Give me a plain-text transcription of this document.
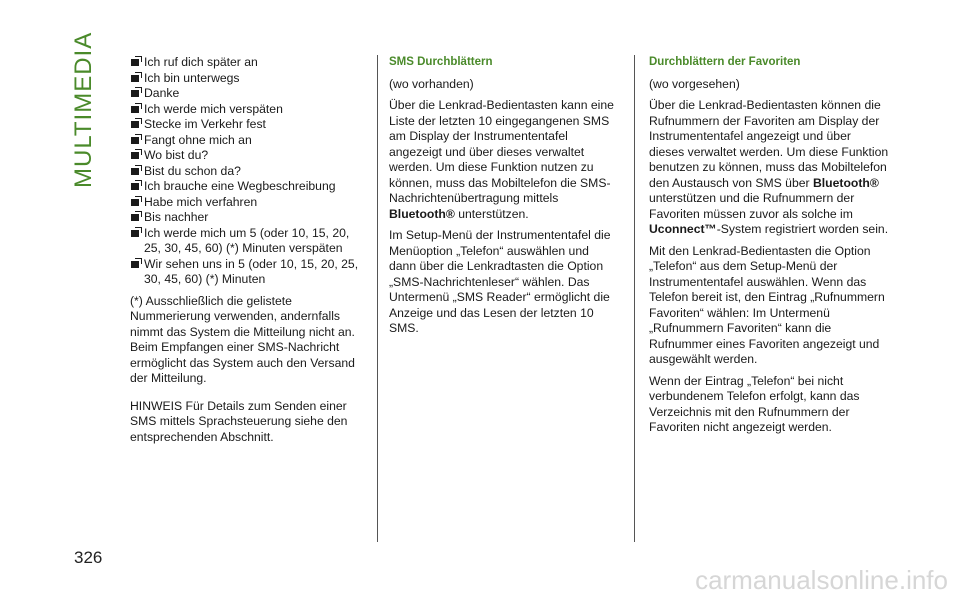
MULTIMEDIA	Ich ruf dich später an
Ich bin unterwegs
Danke
Ich werde mich verspäten
Stecke im Verkehr fest
Fangt ohne mich an
Wo bist du?
Bist du schon da?
Ich brauche eine Wegbeschreibung
Habe mich verfahren
Bis nachher
Ich werde mich um 5 (oder 10, 15, 20, 25, 30, 45, 60) (*) Minuten verspäten
Wir sehen uns in 5 (oder 10, 15, 20, 25, 30, 45, 60) (*) Minuten

(*) Ausschließlich die gelistete Nummerierung verwenden, andernfalls nimmt das System die Mitteilung nicht an. Beim Empfangen einer SMS-Nachricht ermöglicht das System auch den Versand der Mitteilung.

HINWEIS Für Details zum Senden einer SMS mittels Sprachsteuerung siehe den entsprechenden Abschnitt.

SMS Durchblättern

(wo vorhanden)

Über die Lenkrad-Bedientasten kann eine Liste der letzten 10 eingegangenen SMS am Display der Instrumententafel angezeigt und über dieses verwaltet werden. Um diese Funktion nutzen zu können, muss das Mobiltelefon die SMS-Nachrichtenübertragung mittels Bluetooth® unterstützen.

Im Setup-Menü der Instrumententafel die Menüoption „Telefon“ auswählen und dann über die Lenkradtasten die Option „SMS-Nachrichtenleser“ wählen. Das Untermenü „SMS Reader“ ermöglicht die Anzeige und das Lesen der letzten 10 SMS.

Durchblättern der Favoriten

(wo vorgesehen)

Über die Lenkrad-Bedientasten können die Rufnummern der Favoriten am Display der Instrumententafel angezeigt und über dieses verwaltet werden. Um diese Funktion benutzen zu können, muss das Mobiltelefon den Austausch von SMS über Bluetooth® unterstützen und die Rufnummern der Favoriten müssen zuvor als solche im Uconnect™-System registriert worden sein.

Mit den Lenkrad-Bedientasten die Option „Telefon“ aus dem Setup-Menü der Instrumententafel auswählen. Wenn das Telefon bereit ist, den Eintrag „Rufnummern Favoriten“ wählen: Im Untermenü „Rufnummern Favoriten“ kann die Rufnummer eines Favoriten angezeigt und ausgewählt werden.

Wenn der Eintrag „Telefon“ bei nicht verbundenem Telefon erfolgt, kann das Verzeichnis mit den Rufnummern der Favoriten nicht angezeigt werden.

326
carmanualsonline.info
